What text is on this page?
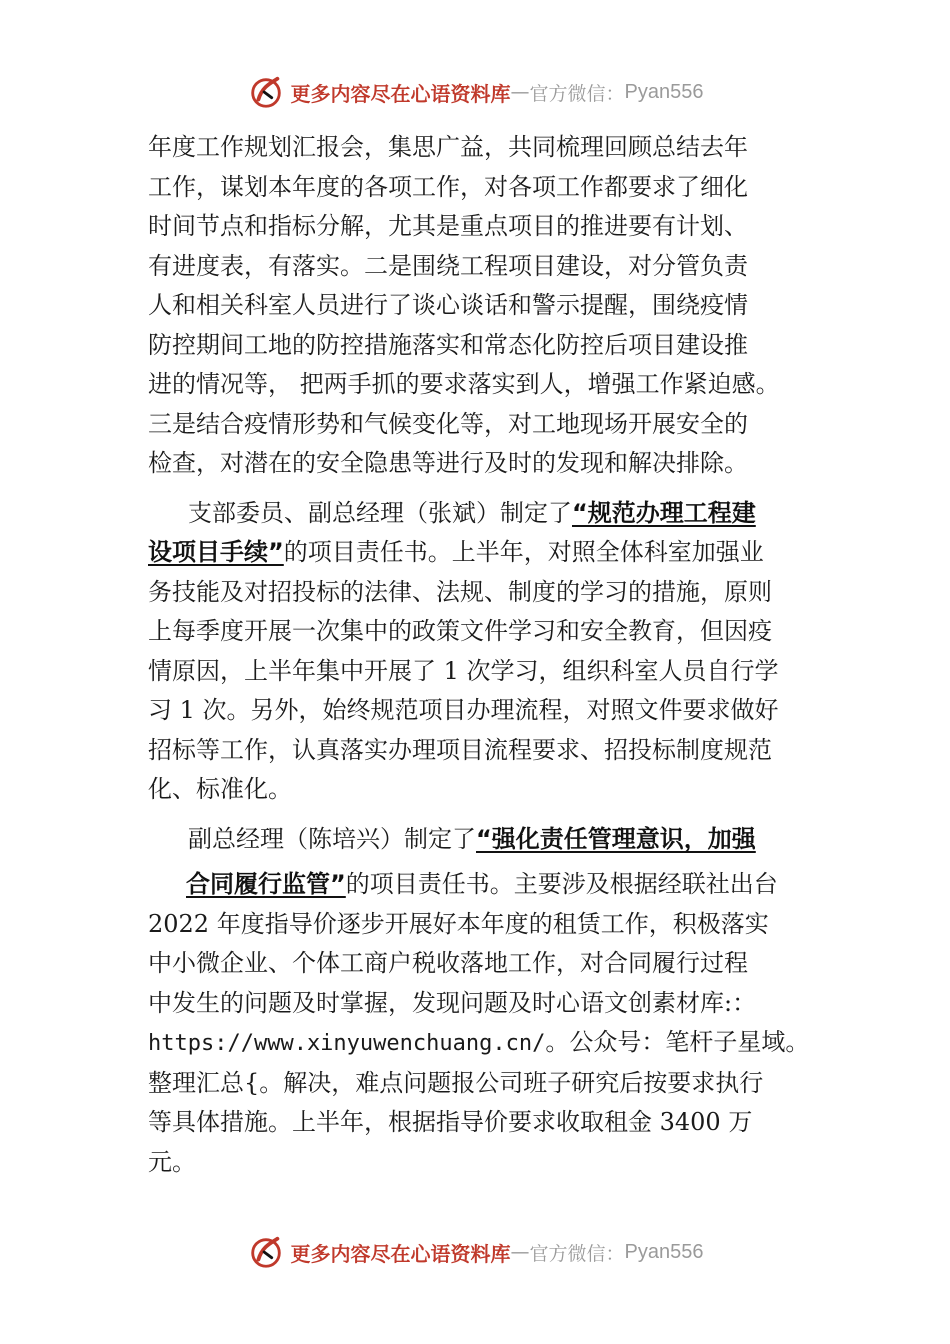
更多内容尽在心语资料库 — 官方微信： Pyan556
年度工作规划汇报会，集思广益，共同梳理回顾总结去年
工作，谋划本年度的各项工作，对各项工作都要求了细化
时间节点和指标分解，尤其是重点项目的推进要有计划、
有进度表，有落实。二是围绕工程项目建设，对分管负责
人和相关科室人员进行了谈心谈话和警示提醒，围绕疫情
防控期间工地的防控措施落实和常态化防控后项目建设推
进的情况等， 把两手抓的要求落实到人，增强工作紧迫感。
三是结合疫情形势和气候变化等，对工地现场开展安全的
检查，对潜在的安全隐患等进行及时的发现和解决排除。
支部委员、副总经理（张斌）制定了“规范办理工程建
设项目手续”的项目责任书。上半年，对照全体科室加强业
务技能及对招投标的法律、法规、制度的学习的措施，原则
上每季度开展一次集中的政策文件学习和安全教育，但因疫
情原因，上半年集中开展了 1 次学习，组织科室人员自行学
习 1 次。另外，始终规范项目办理流程，对照文件要求做好
招标等工作，认真落实办理项目流程要求、招投标制度规范
化、标准化。
副总经理（陈培兴）制定了“强化责任管理意识，加强
合同履行监管”的项目责任书。主要涉及根据经联社出台
2022 年度指导价逐步开展好本年度的租赁工作，积极落实
中小微企业、个体工商户税收落地工作，对合同履行过程
中发生的问题及时掌握，发现问题及时心语文创素材库:：
https://www.xinyuwenchuang.cn/。公众号：笔杆子星域。
整理汇总{。解决，难点问题报公司班子研究后按要求执行
等具体措施。上半年，根据指导价要求收取租金 3400 万
元。
更多内容尽在心语资料库 — 官方微信： Pyan556
